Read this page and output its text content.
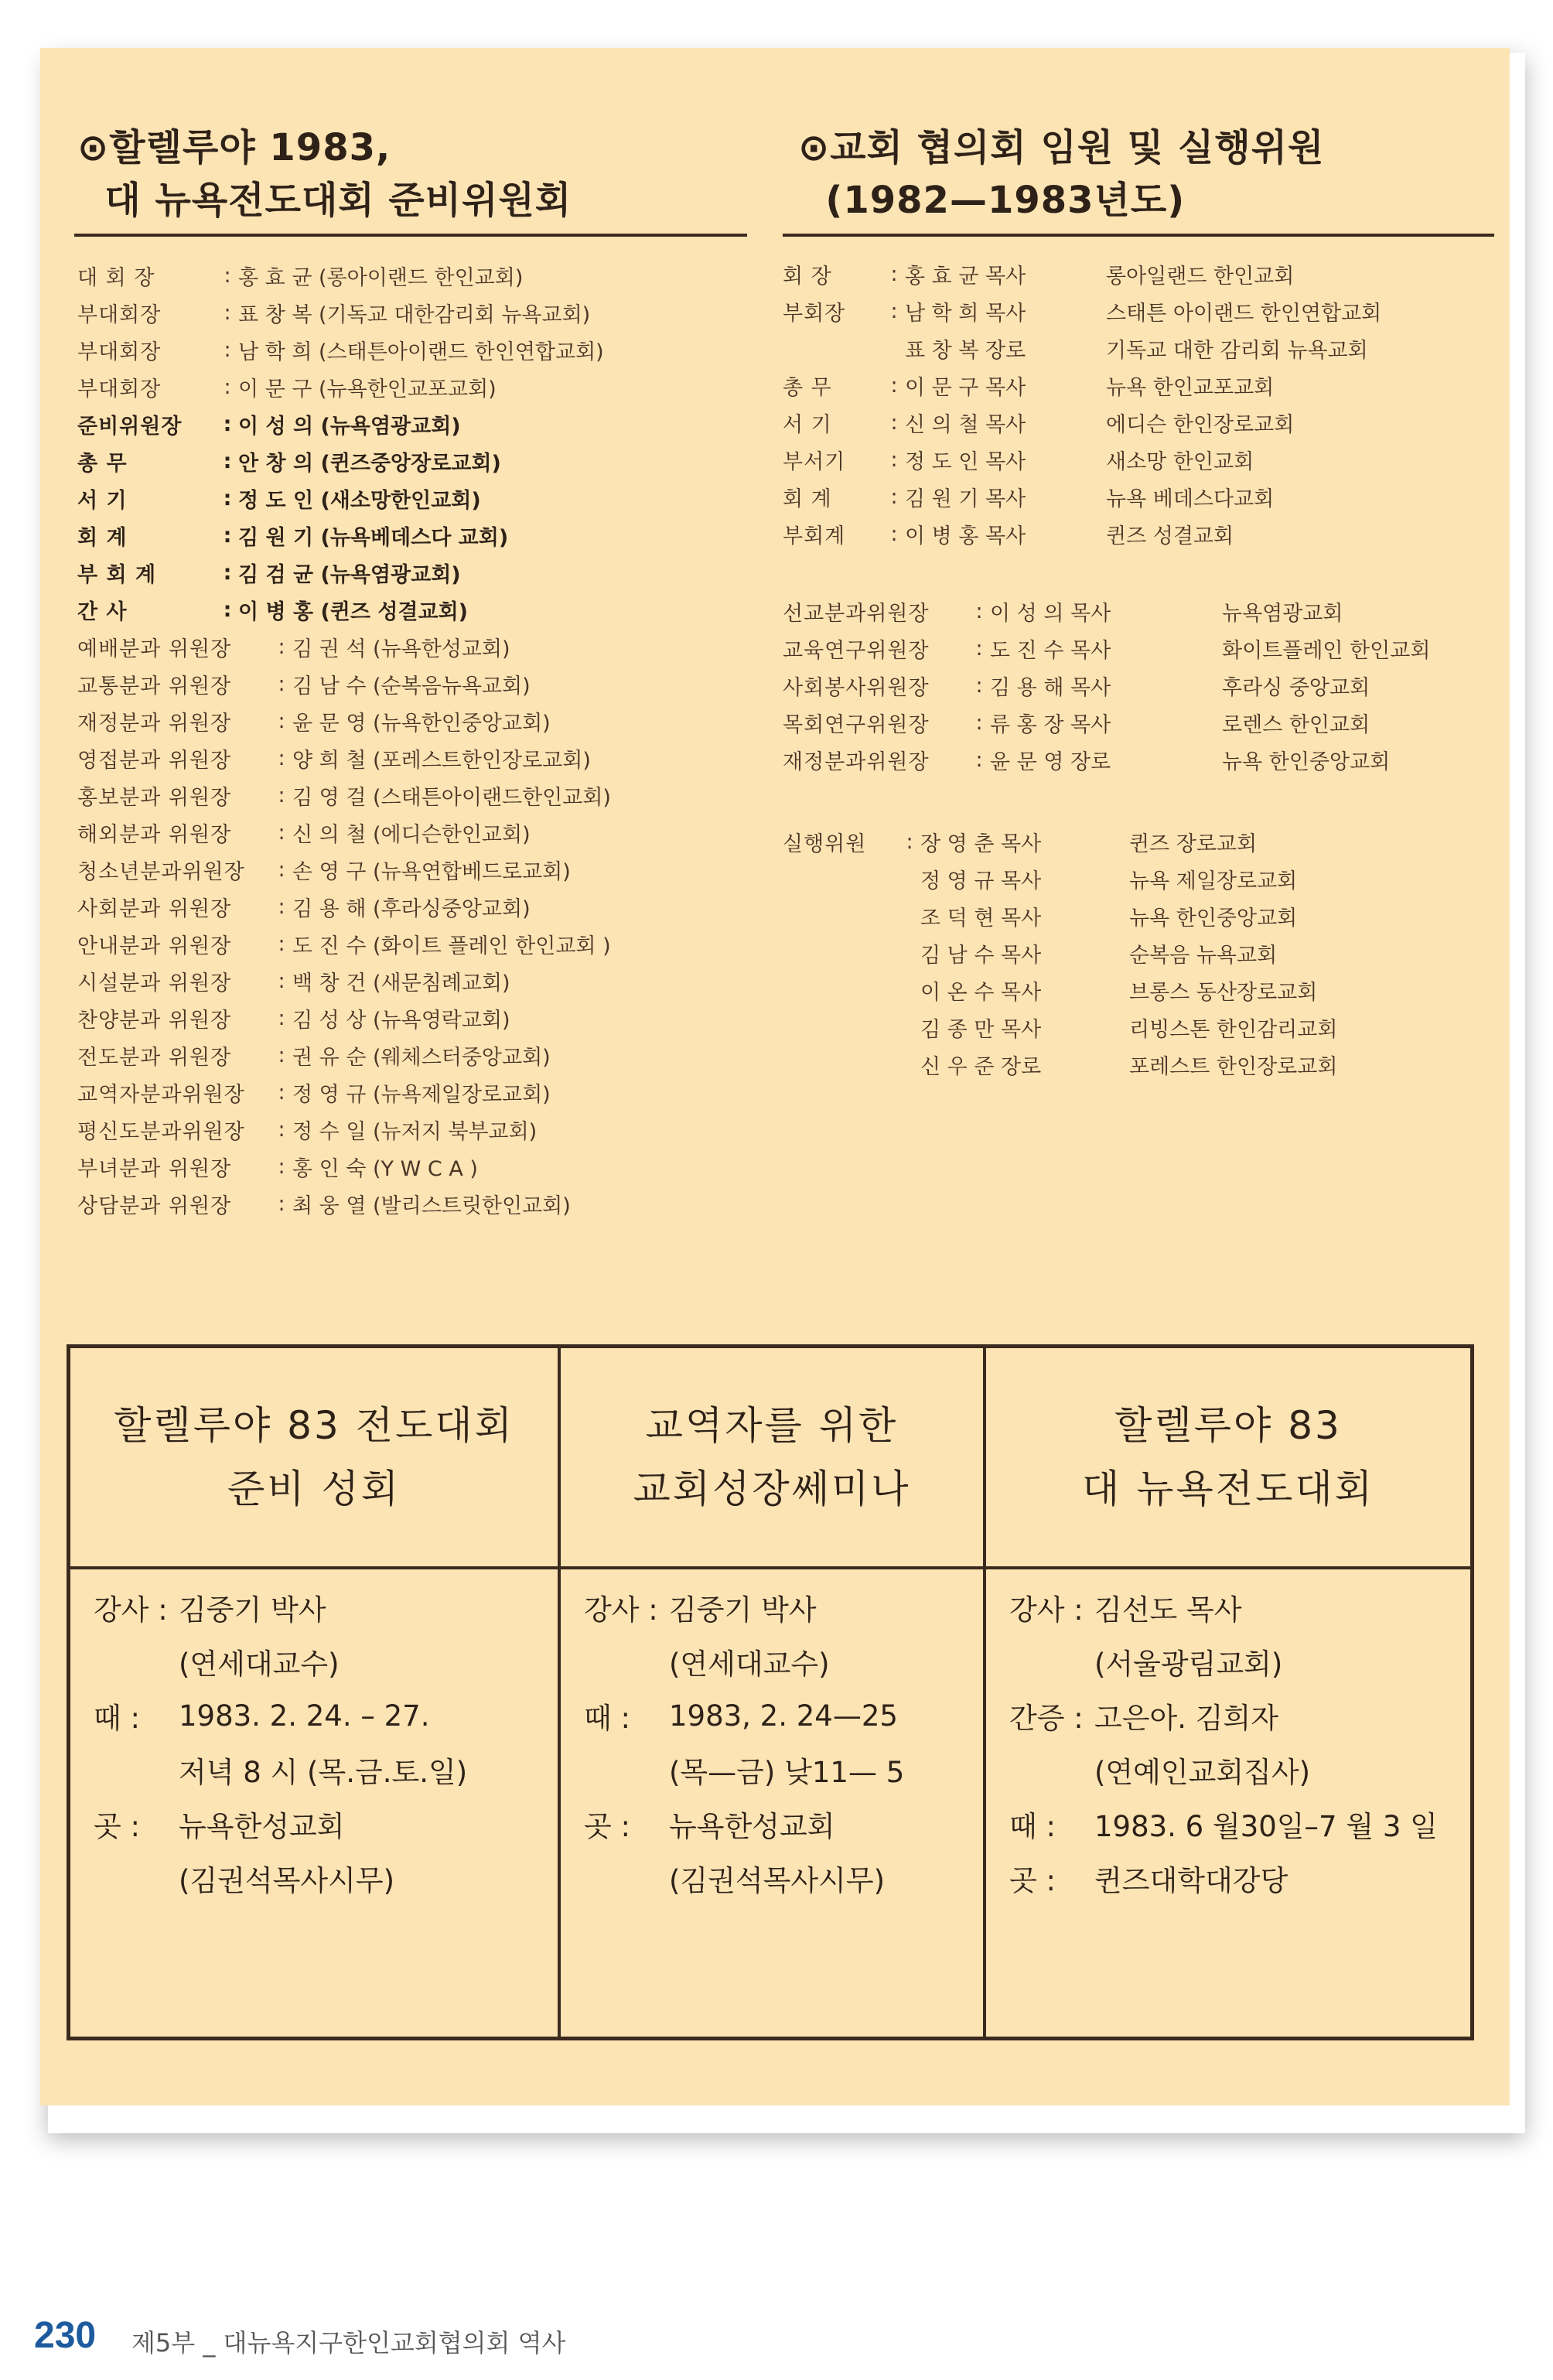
⊙할렐루야 1983,
대 뉴욕전도대회 준비위원회
⊙교회 협의회 임원 및 실행위원
(1982—1983년도)
대 회 장	: 홍 효 균 (롱아이랜드 한인교회)
부대회장	: 표 창 복 (기독교 대한감리회 뉴욕교회)
부대회장	: 남 학 희 (스태튼아이랜드 한인연합교회)
부대회장	: 이 문 구 (뉴욕한인교포교회)
준비위원장	: 이 성 의 (뉴욕염광교회)
총 무	: 안 창 의 (퀸즈중앙장로교회)
서 기	: 정 도 인 (새소망한인교회)
회 계	: 김 원 기 (뉴욕베데스다 교회)
부 회 계	: 김 검 균 (뉴욕염광교회)
간 사	: 이 병 홍 (퀸즈 성결교회)
예배분과 위원장	: 김 권 석 (뉴욕한성교회)
교통분과 위원장	: 김 남 수 (순복음뉴욕교회)
재정분과 위원장	: 윤 문 영 (뉴욕한인중앙교회)
영접분과 위원장	: 양 희 철 (포레스트한인장로교회)
홍보분과 위원장	: 김 영 걸 (스태튼아이랜드한인교회)
해외분과 위원장	: 신 의 철 (에디슨한인교회)
청소년분과위원장	: 손 영 구 (뉴욕연합베드로교회)
사회분과 위원장	: 김 용 해 (후라싱중앙교회)
안내분과 위원장	: 도 진 수 (화이트 플레인 한인교회 )
시설분과 위원장	: 백 창 건 (새문침례교회)
찬양분과 위원장	: 김 성 상 (뉴욕영락교회)
전도분과 위원장	: 권 유 순 (웨체스터중앙교회)
교역자분과위원장	: 정 영 규 (뉴욕제일장로교회)
평신도분과위원장	: 정 수 일 (뉴저지 북부교회)
부녀분과 위원장	: 홍 인 숙 (Y W C A )
상담분과 위원장	: 최 웅 열 (발리스트릿한인교회)
회 장	: 홍 효 균 목사	롱아일랜드 한인교회
부회장	: 남 학 희 목사	스태튼 아이랜드 한인연합교회
표 창 복 장로	기독교 대한 감리회 뉴욕교회
총 무	: 이 문 구 목사	뉴욕 한인교포교회
서 기	: 신 의 철 목사	에디슨 한인장로교회
부서기	: 정 도 인 목사	새소망 한인교회
회 계	: 김 원 기 목사	뉴욕 베데스다교회
부회계	: 이 병 홍 목사	퀸즈 성결교회
선교분과위원장	: 이 성 의 목사	뉴욕염광교회
교육연구위원장	: 도 진 수 목사	화이트플레인 한인교회
사회봉사위원장	: 김 용 해 목사	후라싱 중앙교회
목회연구위원장	: 류 홍 장 목사	로렌스 한인교회
재정분과위원장	: 윤 문 영 장로	뉴욕 한인중앙교회
실행위원	: 장 영 춘 목사	퀸즈 장로교회
정 영 규 목사	뉴욕 제일장로교회
조 덕 현 목사	뉴욕 한인중앙교회
김 남 수 목사	순복음 뉴욕교회
이 온 수 목사	브롱스 동산장로교회
김 종 만 목사	리빙스톤 한인감리교회
신 우 준 장로	포레스트 한인장로교회
할렐루야 83 전도대회
준비 성회
강사 : 김중기 박사
(연세대교수)
때 :	1983. 2. 24. – 27.
저녁 8 시 (목.금.토.일)
곳 :	뉴욕한성교회
(김권석목사시무)
교역자를 위한
교회성장쎄미나
강사 : 김중기 박사
(연세대교수)
때 :	1983, 2. 24—25
(목—금) 낮11— 5
곳 :	뉴욕한성교회
(김권석목사시무)
할렐루야 83
대 뉴욕전도대회
강사 : 김선도 목사
(서울광림교회)
간증 : 고은아. 김희자
(연예인교회집사)
때 :	1983. 6 월30일–7 월 3 일
곳 :	퀸즈대학대강당
230 제5부 _ 대뉴욕지구한인교회협의회 역사
